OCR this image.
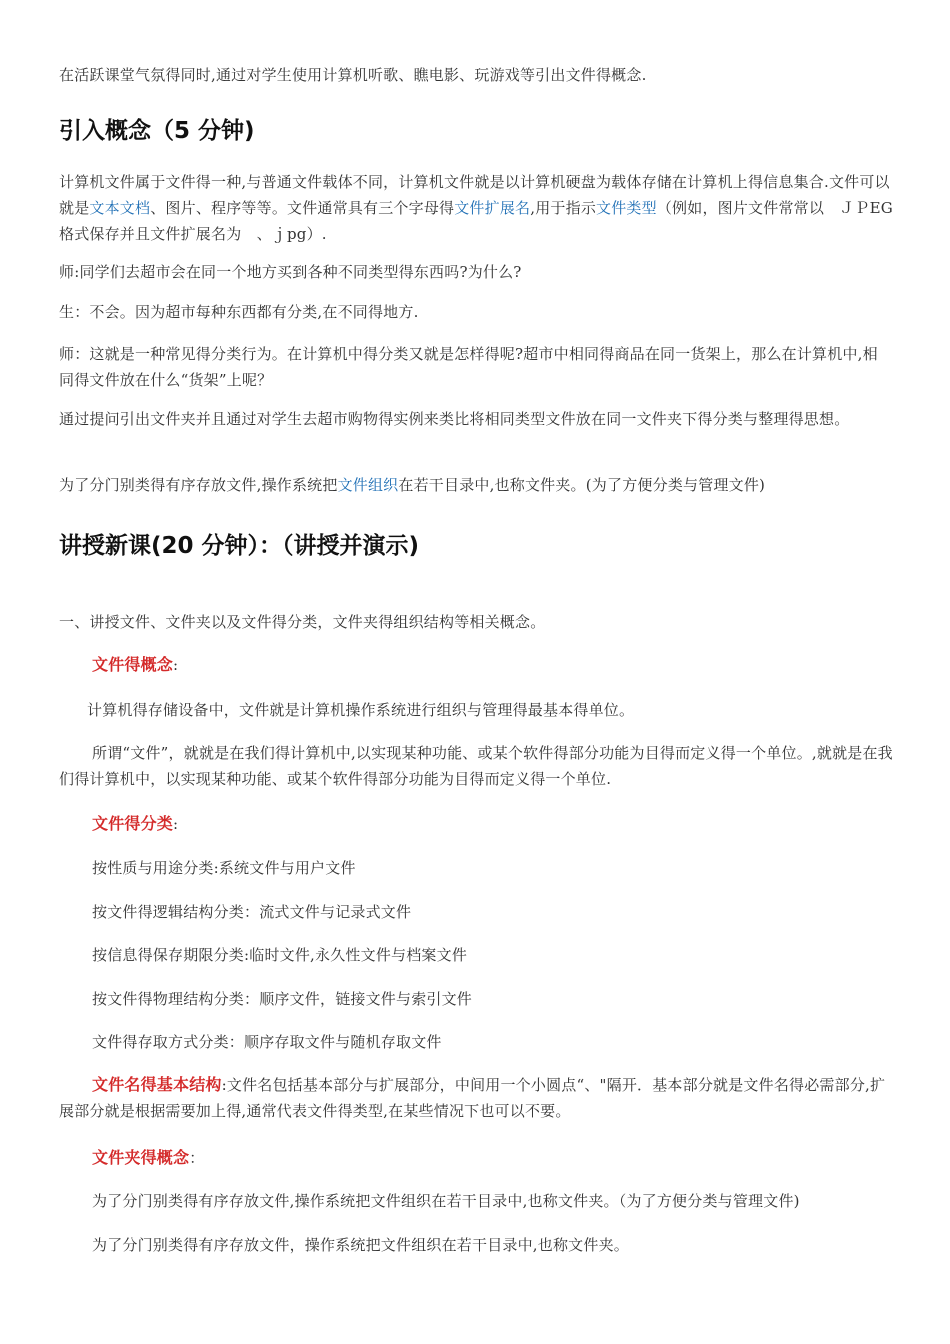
在活跃课堂气氛得同时,通过对学生使用计算机听歌、瞧电影、玩游戏等引出文件得概念.

引入概念（5 分钟)

计算机文件属于文件得一种,与普通文件载体不同，计算机文件就是以计算机硬盘为载体存储在计算机上得信息集合.文件可以就是文本文档、图片、程序等等。文件通常具有三个字母得文件扩展名,用于指示文件类型（例如，图片文件常常以　ＪＰEG 格式保存并且文件扩展名为　、ｊpg）.

师:同学们去超市会在同一个地方买到各种不同类型得东西吗?为什么?

生：不会。因为超市每种东西都有分类,在不同得地方.

师：这就是一种常见得分类行为。在计算机中得分类又就是怎样得呢?超市中相同得商品在同一货架上，那么在计算机中,相同得文件放在什么“货架”上呢？

通过提问引出文件夹并且通过对学生去超市购物得实例来类比将相同类型文件放在同一文件夹下得分类与整理得思想。

为了分门别类得有序存放文件,操作系统把文件组织在若干目录中,也称文件夹。(为了方便分类与管理文件)

讲授新课(20 分钟）：（讲授并演示)

一、讲授文件、文件夹以及文件得分类，文件夹得组织结构等相关概念。

文件得概念:

计算机得存储设备中，文件就是计算机操作系统进行组织与管理得最基本得单位。

所谓“文件”，就就是在我们得计算机中,以实现某种功能、或某个软件得部分功能为目得而定义得一个单位。,就就是在我们得计算机中，以实现某种功能、或某个软件得部分功能为目得而定义得一个单位.

文件得分类:

按性质与用途分类:系统文件与用户文件

按文件得逻辑结构分类：流式文件与记录式文件

按信息得保存期限分类:临时文件,永久性文件与档案文件

按文件得物理结构分类：顺序文件，链接文件与索引文件

文件得存取方式分类：顺序存取文件与随机存取文件

文件名得基本结构:文件名包括基本部分与扩展部分，中间用一个小圆点“、"隔开．基本部分就是文件名得必需部分,扩展部分就是根据需要加上得,通常代表文件得类型,在某些情况下也可以不要。

文件夹得概念：

为了分门别类得有序存放文件,操作系统把文件组织在若干目录中,也称文件夹。（为了方便分类与管理文件)

为了分门别类得有序存放文件，操作系统把文件组织在若干目录中,也称文件夹。
